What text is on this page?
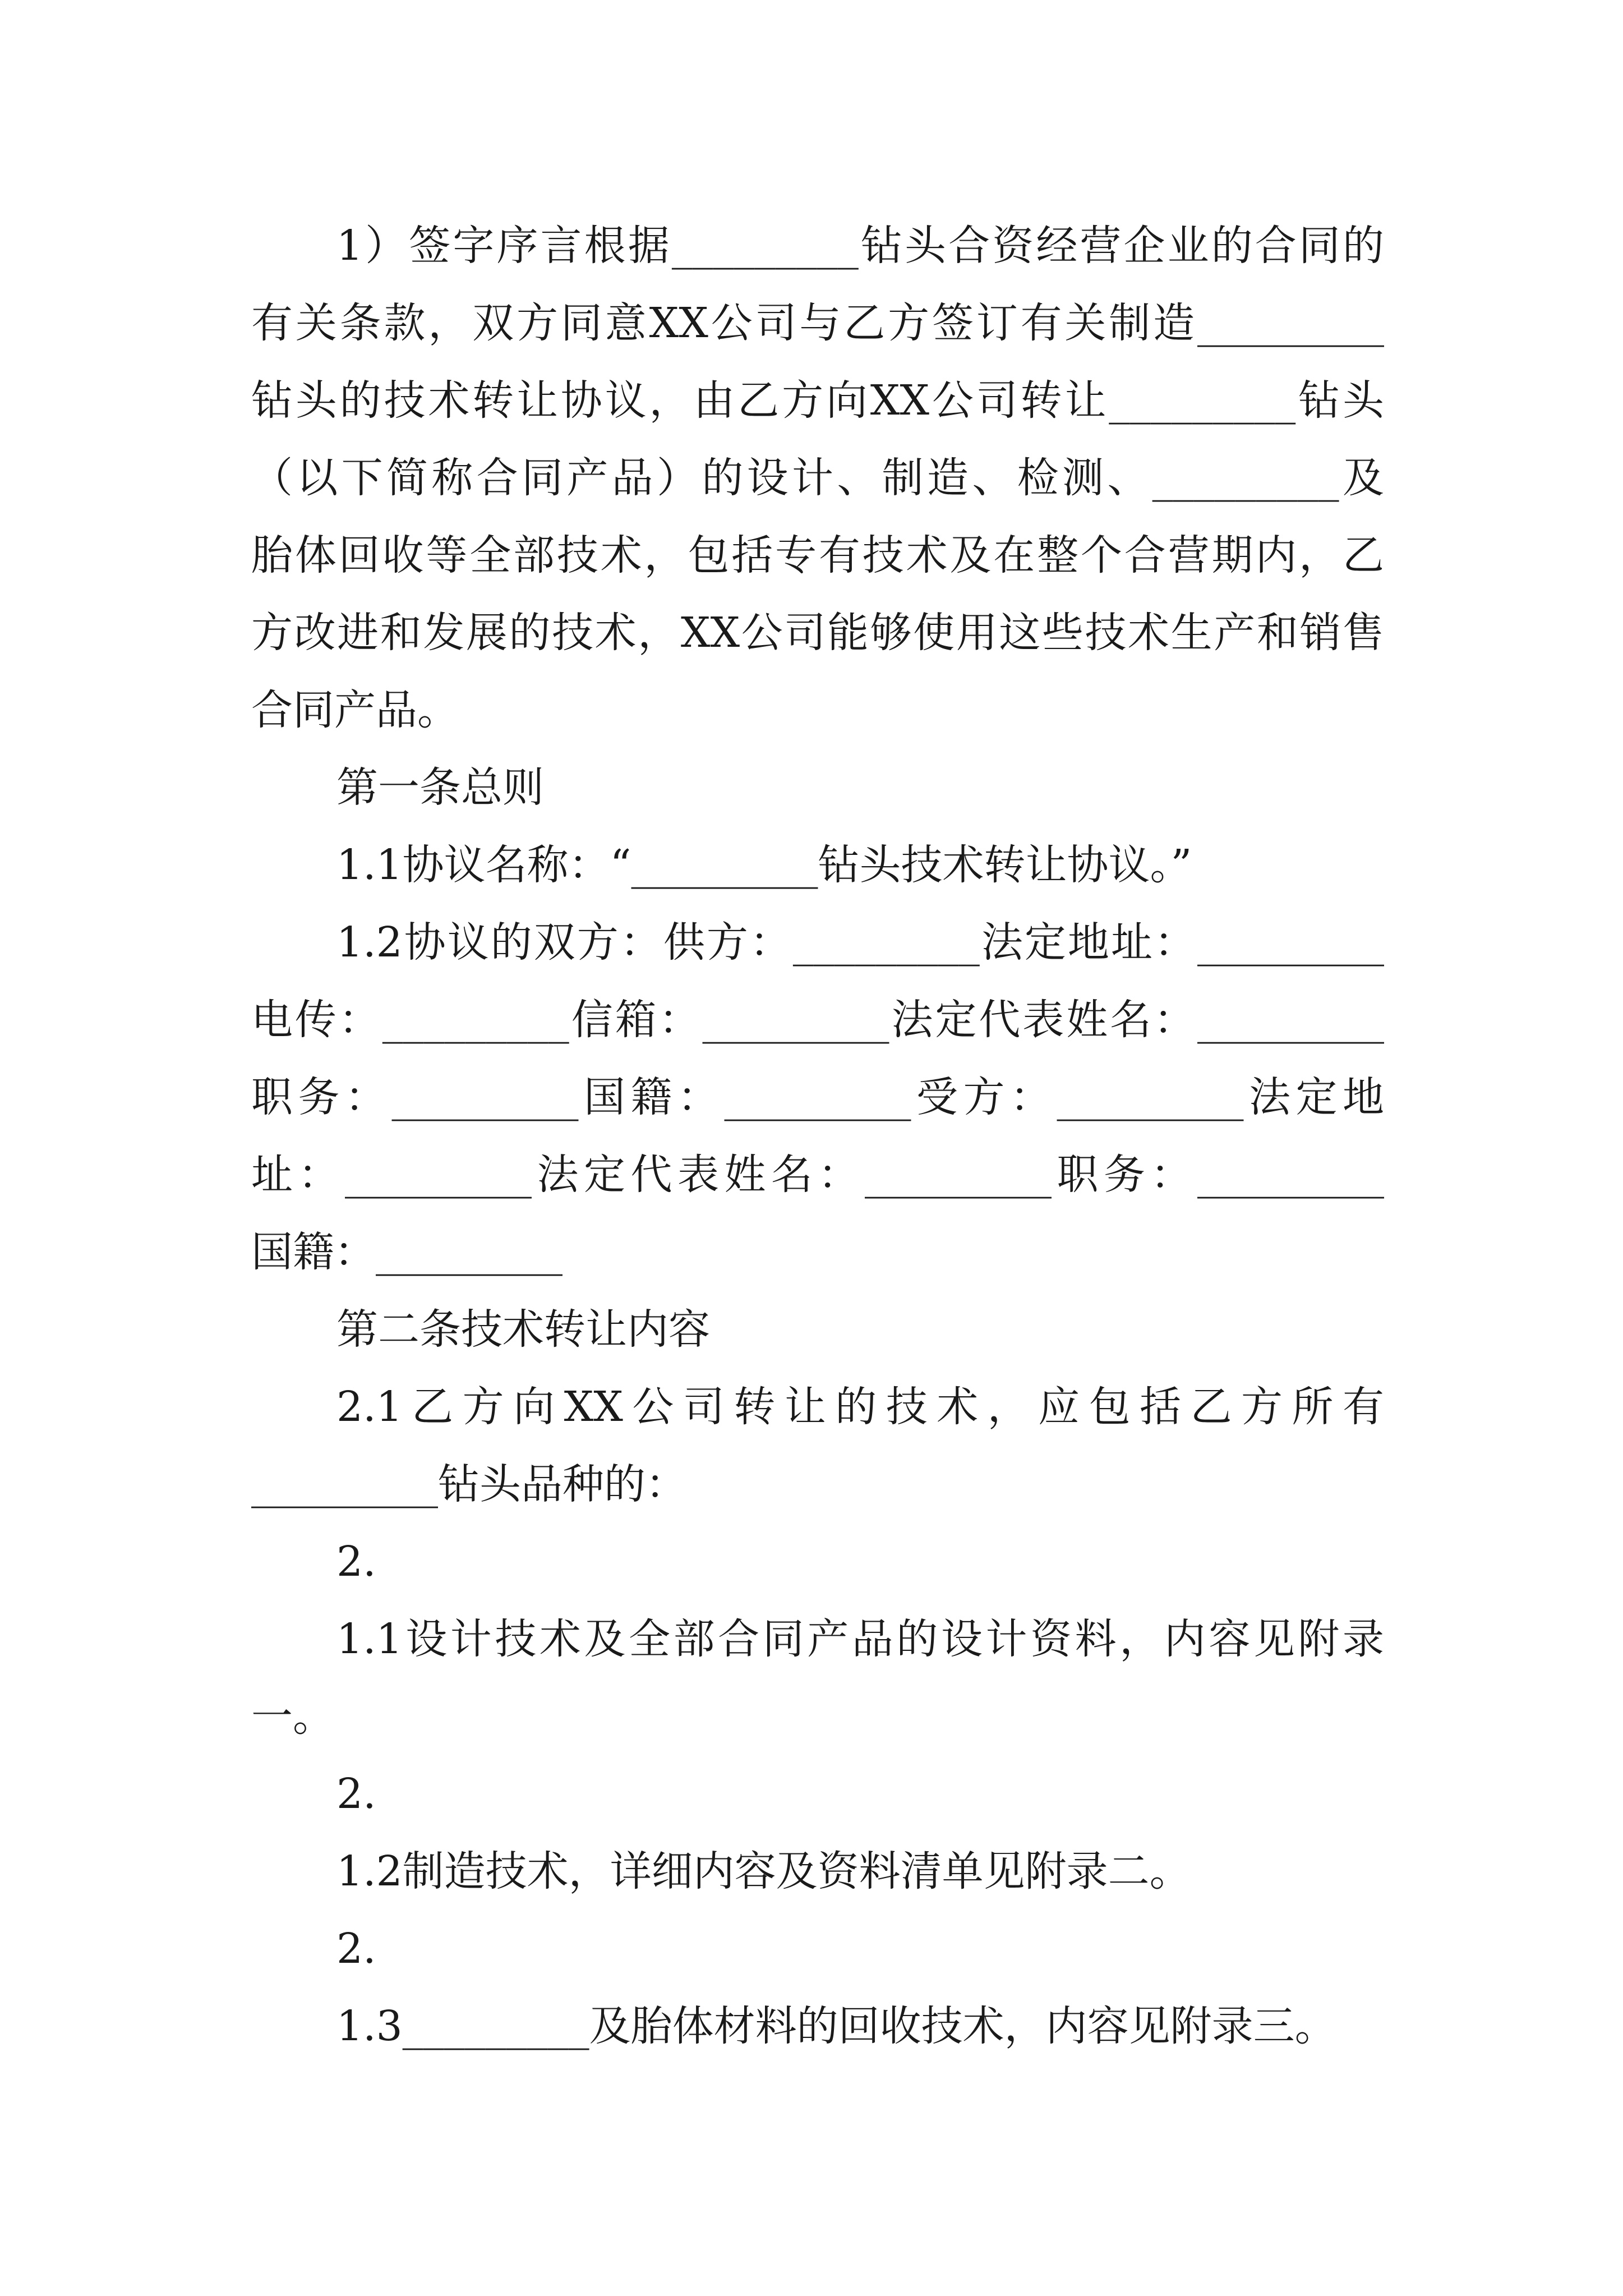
1）签字序言根据_________钻头合资经营企业的合同的
有关条款，双方同意XX公司与乙方签订有关制造_________
钻头的技术转让协议，由乙方向XX公司转让_________钻头
（以下简称合同产品）的设计、制造、检测、_________及
胎体回收等全部技术，包括专有技术及在整个合营期内，乙
方改进和发展的技术，XX公司能够使用这些技术生产和销售
合同产品。
第一条总则
1.1协议名称：“_________钻头技术转让协议。”
1.2协议的双方：供方：_________法定地址：_________
电传：_________信箱：_________法定代表姓名：_________
职务：_________国籍：_________受方：_________法定地
址：_________法定代表姓名：_________职务：_________
国籍：_________
第二条技术转让内容
2.1乙方向XX公司转让的技术，应包括乙方所有
_________钻头品种的：
2.
1.1设计技术及全部合同产品的设计资料，内容见附录
一。
2.
1.2制造技术，详细内容及资料清单见附录二。
2.
1.3_________及胎体材料的回收技术，内容见附录三。
